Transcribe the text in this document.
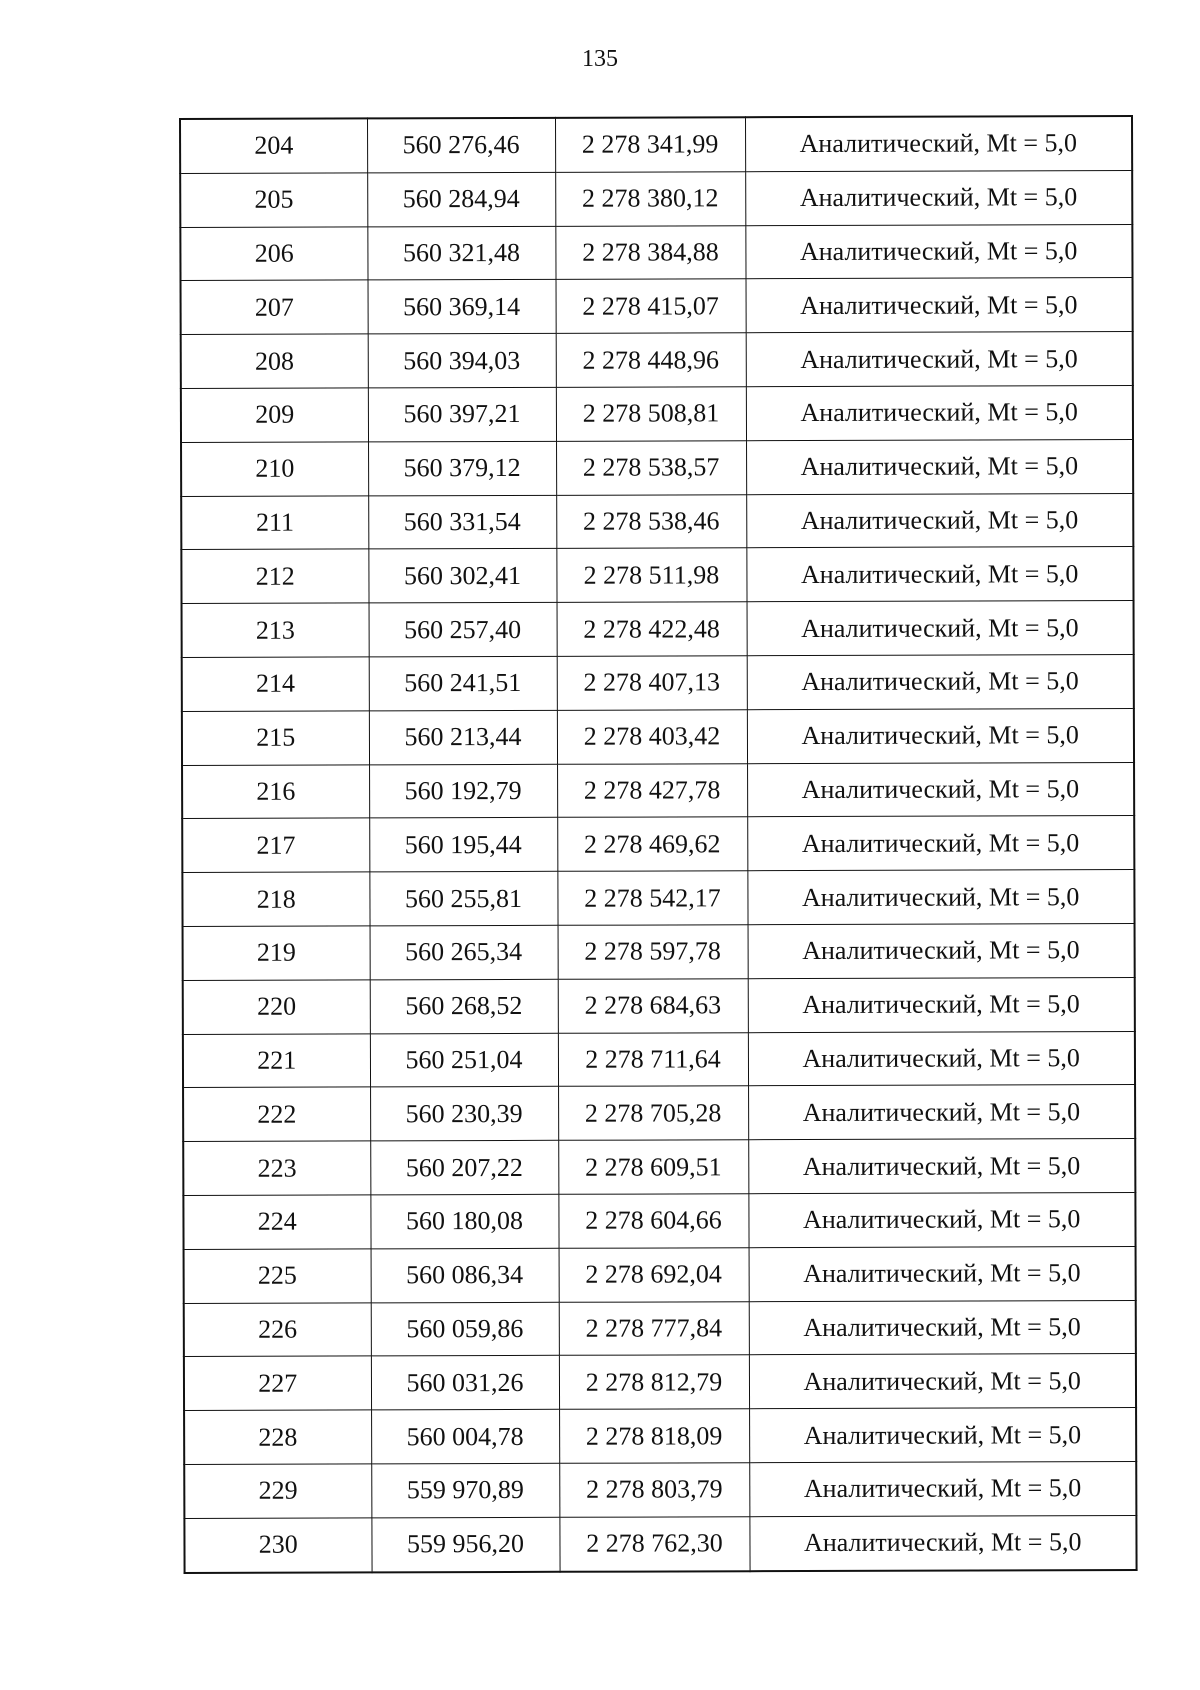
135
204	560 276,46	2 278 341,99	Аналитический, Mt = 5,0
205	560 284,94	2 278 380,12	Аналитический, Mt = 5,0
206	560 321,48	2 278 384,88	Аналитический, Mt = 5,0
207	560 369,14	2 278 415,07	Аналитический, Mt = 5,0
208	560 394,03	2 278 448,96	Аналитический, Mt = 5,0
209	560 397,21	2 278 508,81	Аналитический, Mt = 5,0
210	560 379,12	2 278 538,57	Аналитический, Mt = 5,0
211	560 331,54	2 278 538,46	Аналитический, Mt = 5,0
212	560 302,41	2 278 511,98	Аналитический, Mt = 5,0
213	560 257,40	2 278 422,48	Аналитический, Mt = 5,0
214	560 241,51	2 278 407,13	Аналитический, Mt = 5,0
215	560 213,44	2 278 403,42	Аналитический, Mt = 5,0
216	560 192,79	2 278 427,78	Аналитический, Mt = 5,0
217	560 195,44	2 278 469,62	Аналитический, Mt = 5,0
218	560 255,81	2 278 542,17	Аналитический, Mt = 5,0
219	560 265,34	2 278 597,78	Аналитический, Mt = 5,0
220	560 268,52	2 278 684,63	Аналитический, Mt = 5,0
221	560 251,04	2 278 711,64	Аналитический, Mt = 5,0
222	560 230,39	2 278 705,28	Аналитический, Mt = 5,0
223	560 207,22	2 278 609,51	Аналитический, Mt = 5,0
224	560 180,08	2 278 604,66	Аналитический, Mt = 5,0
225	560 086,34	2 278 692,04	Аналитический, Mt = 5,0
226	560 059,86	2 278 777,84	Аналитический, Mt = 5,0
227	560 031,26	2 278 812,79	Аналитический, Mt = 5,0
228	560 004,78	2 278 818,09	Аналитический, Mt = 5,0
229	559 970,89	2 278 803,79	Аналитический, Mt = 5,0
230	559 956,20	2 278 762,30	Аналитический, Mt = 5,0
